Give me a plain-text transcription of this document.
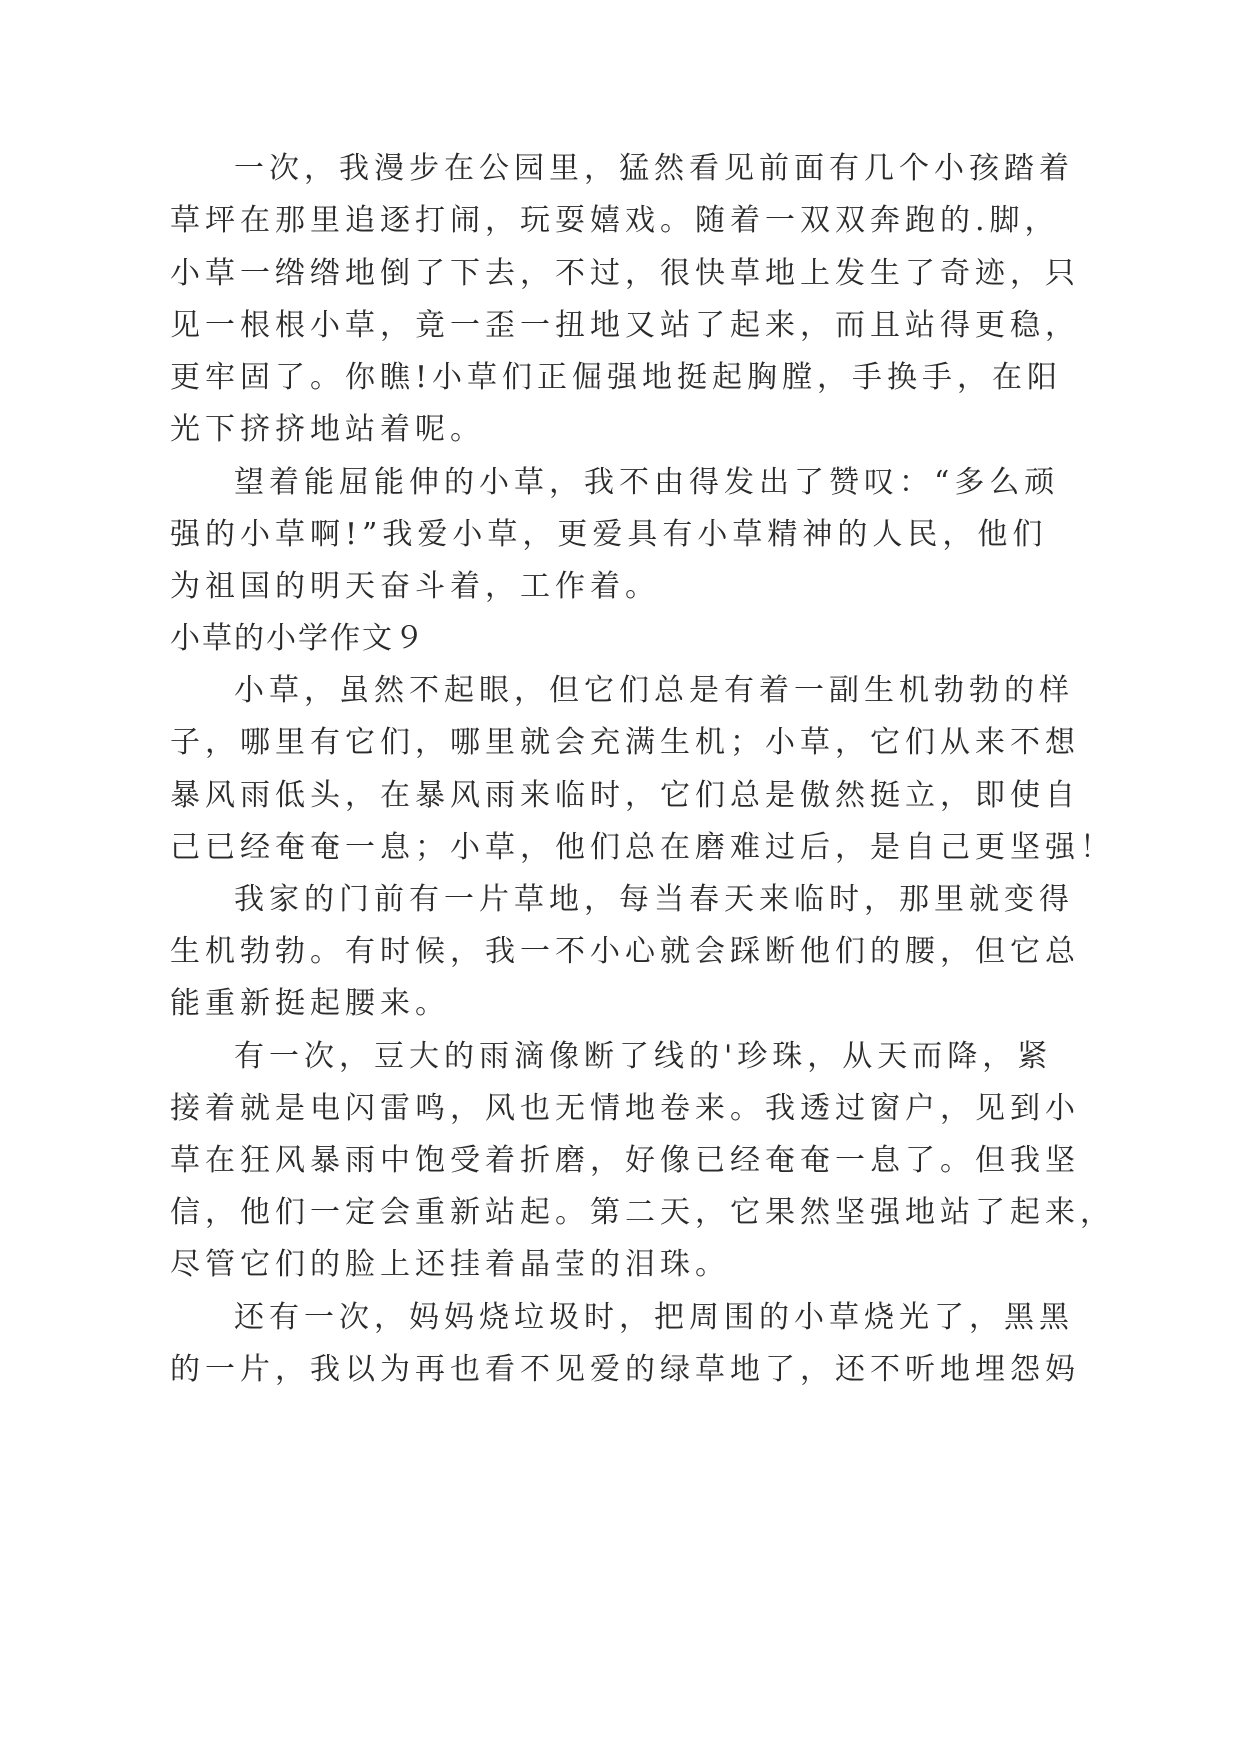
一次，我漫步在公园里，猛然看见前面有几个小孩踏着
草坪在那里追逐打闹，玩耍嬉戏。随着一双双奔跑的.脚，
小草一绺绺地倒了下去，不过，很快草地上发生了奇迹，只
见一根根小草，竟一歪一扭地又站了起来，而且站得更稳，
更牢固了。你瞧!小草们正倔强地挺起胸膛，手换手，在阳
光下挤挤地站着呢。
望着能屈能伸的小草，我不由得发出了赞叹：“多么顽
强的小草啊!”我爱小草，更爱具有小草精神的人民，他们
为祖国的明天奋斗着，工作着。
小草的小学作文９
小草，虽然不起眼，但它们总是有着一副生机勃勃的样
子，哪里有它们，哪里就会充满生机；小草，它们从来不想
暴风雨低头，在暴风雨来临时，它们总是傲然挺立，即使自
己已经奄奄一息；小草，他们总在磨难过后，是自己更坚强！
我家的门前有一片草地，每当春天来临时，那里就变得
生机勃勃。有时候，我一不小心就会踩断他们的腰，但它总
能重新挺起腰来。
有一次，豆大的雨滴像断了线的'珍珠，从天而降，紧
接着就是电闪雷鸣，风也无情地卷来。我透过窗户，见到小
草在狂风暴雨中饱受着折磨，好像已经奄奄一息了。但我坚
信，他们一定会重新站起。第二天，它果然坚强地站了起来，
尽管它们的脸上还挂着晶莹的泪珠。
还有一次，妈妈烧垃圾时，把周围的小草烧光了，黑黑
的一片，我以为再也看不见爱的绿草地了，还不听地埋怨妈
